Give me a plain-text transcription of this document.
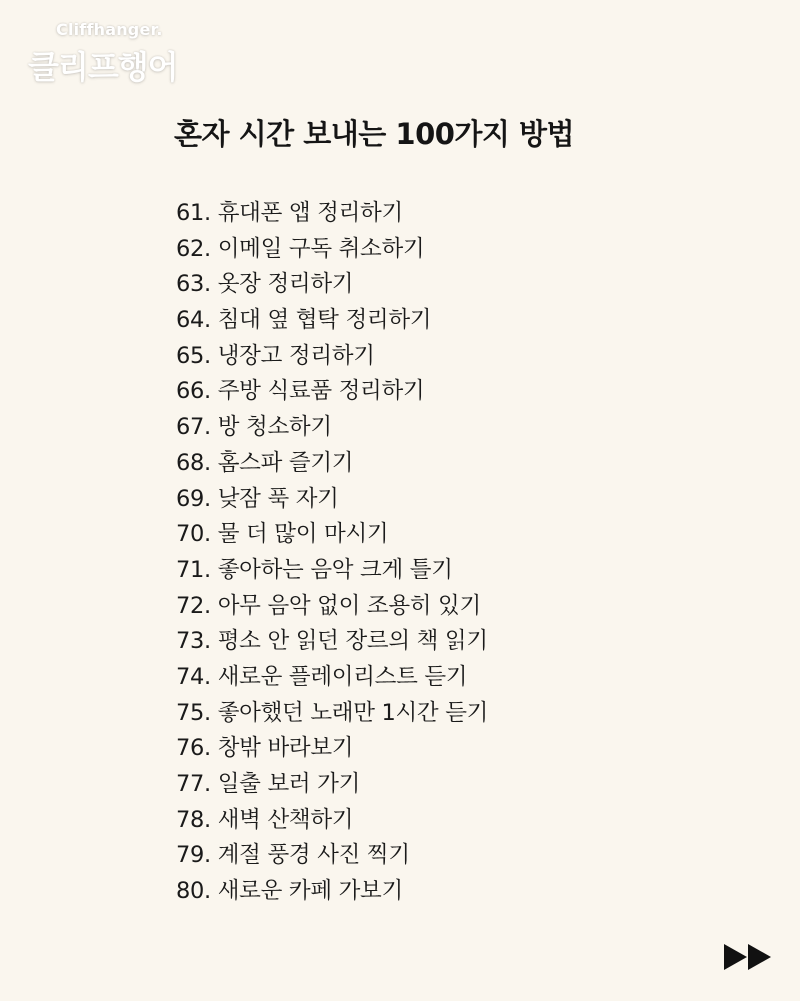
Cliffhanger.
클리프행어
혼자 시간 보내는 100가지 방법
61. 휴대폰 앱 정리하기
62. 이메일 구독 취소하기
63. 옷장 정리하기
64. 침대 옆 협탁 정리하기
65. 냉장고 정리하기
66. 주방 식료품 정리하기
67. 방 청소하기
68. 홈스파 즐기기
69. 낮잠 푹 자기
70. 물 더 많이 마시기
71. 좋아하는 음악 크게 틀기
72. 아무 음악 없이 조용히 있기
73. 평소 안 읽던 장르의 책 읽기
74. 새로운 플레이리스트 듣기
75. 좋아했던 노래만 1시간 듣기
76. 창밖 바라보기
77. 일출 보러 가기
78. 새벽 산책하기
79. 계절 풍경 사진 찍기
80. 새로운 카페 가보기
